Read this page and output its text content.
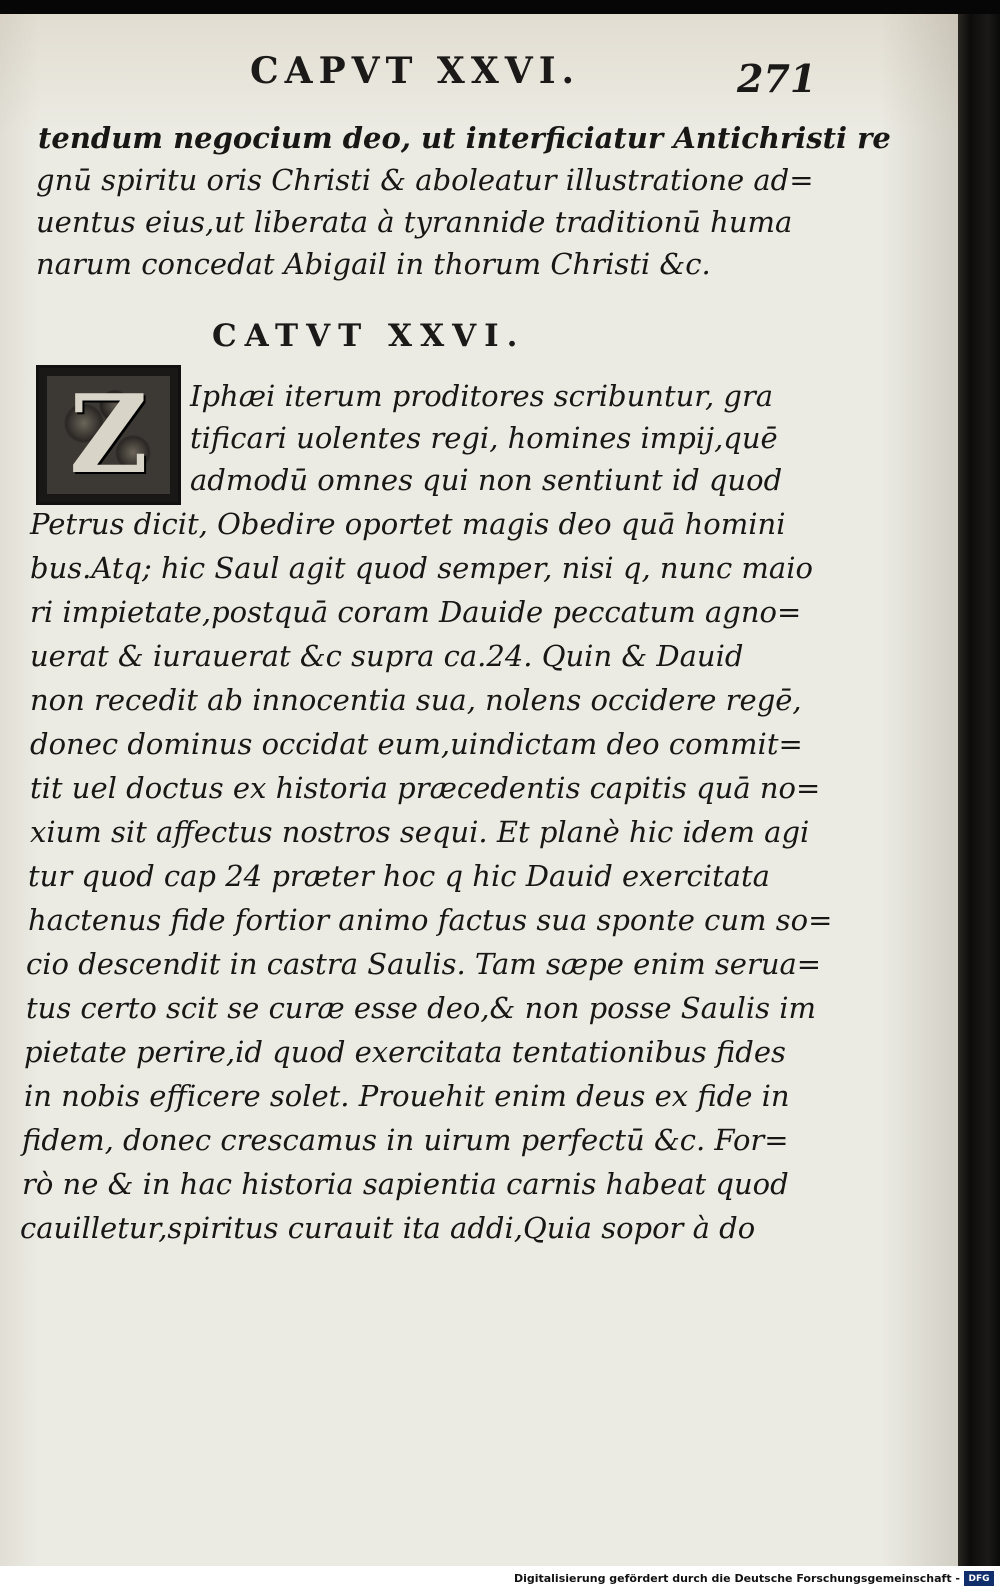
CAPVT XXVI.	271
tendum negocium deo, ut interficiatur Antichristi re
gnū spiritu oris Christi & aboleatur illustratione ad=
uentus eius,ut liberata à tyrannide traditionū huma
narum concedat Abigail in thorum Christi &c.
CATVT XXVI.
Z	Iphæi iterum proditores scribuntur, gra
tificari uolentes regi, homines impij,quē
admodū omnes qui non sentiunt id quod
Petrus dicit, Obedire oportet magis deo quā homini
bus.Atq; hic Saul agit quod semper, nisi q, nunc maio
ri impietate,postquā coram Dauide peccatum agno=
uerat & iurauerat &c supra ca.24. Quin & Dauid
non recedit ab innocentia sua, nolens occidere regē,
donec dominus occidat eum,uindictam deo commit=
tit uel doctus ex historia præcedentis capitis quā no=
xium sit affectus nostros sequi. Et planè hic idem agi
tur quod cap 24 præter hoc q hic Dauid exercitata
hactenus fide fortior animo factus sua sponte cum so=
cio descendit in castra Saulis. Tam sæpe enim serua=
tus certo scit se curæ esse deo,& non posse Saulis im
pietate perire,id quod exercitata tentationibus fides
in nobis efficere solet. Prouehit enim deus ex fide in
fidem, donec crescamus in uirum perfectū &c. For=
rò ne & in hac historia sapientia carnis habeat quod
cauilletur,spiritus curauit ita addi,Quia sopor à do
Digitalisierung gefördert durch die Deutsche Forschungsgemeinschaft - DFG
